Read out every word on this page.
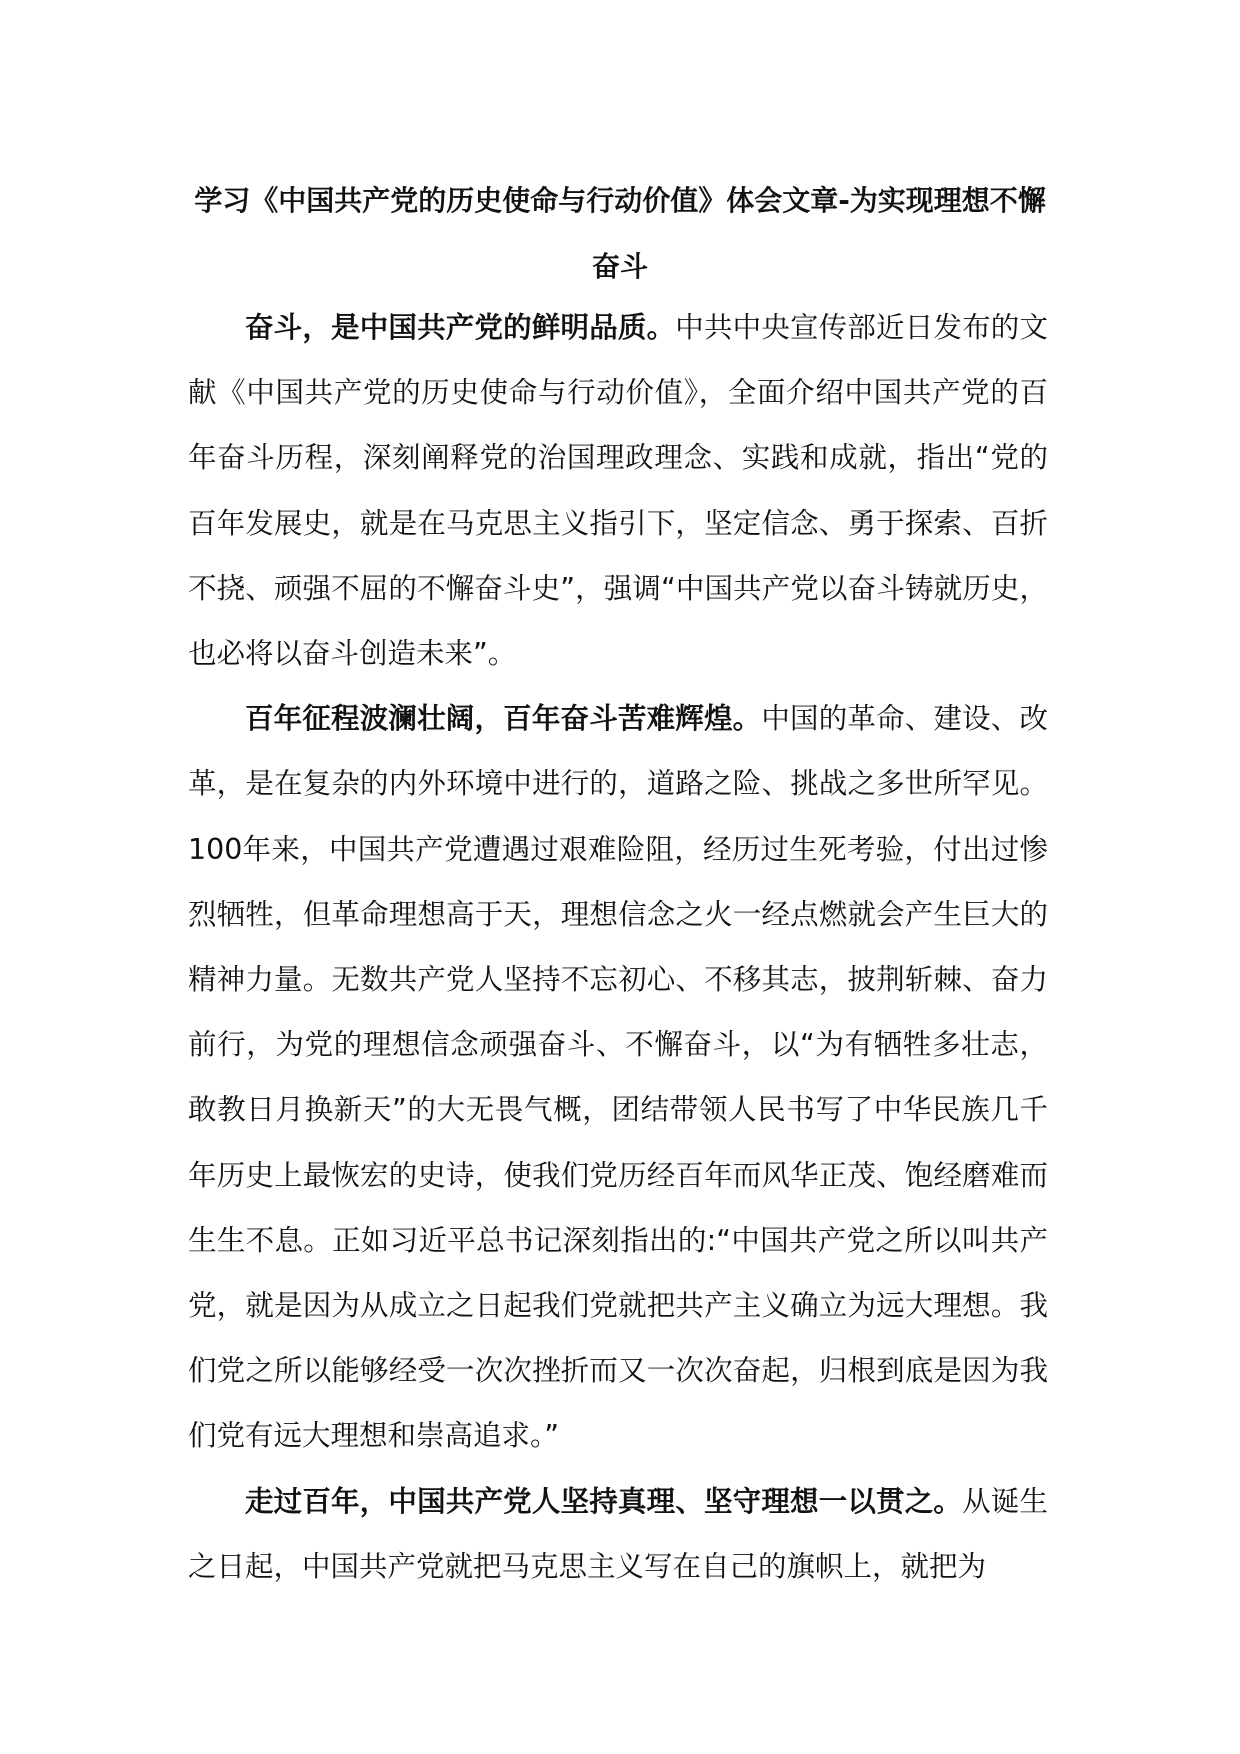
学习《中国共产党的历史使命与行动价值》体会文章-为实现理想不懈奋斗

奋斗，是中国共产党的鲜明品质。中共中央宣传部近日发布的文献《中国共产党的历史使命与行动价值》，全面介绍中国共产党的百年奋斗历程，深刻阐释党的治国理政理念、实践和成就，指出“党的百年发展史，就是在马克思主义指引下，坚定信念、勇于探索、百折不挠、顽强不屈的不懈奋斗史”，强调“中国共产党以奋斗铸就历史，也必将以奋斗创造未来”。

百年征程波澜壮阔，百年奋斗苦难辉煌。中国的革命、建设、改革，是在复杂的内外环境中进行的，道路之险、挑战之多世所罕见。100年来，中国共产党遭遇过艰难险阻，经历过生死考验，付出过惨烈牺牲，但革命理想高于天，理想信念之火一经点燃就会产生巨大的精神力量。无数共产党人坚持不忘初心、不移其志，披荆斩棘、奋力前行，为党的理想信念顽强奋斗、不懈奋斗，以“为有牺牲多壮志，敢教日月换新天”的大无畏气概，团结带领人民书写了中华民族几千年历史上最恢宏的史诗，使我们党历经百年而风华正茂、饱经磨难而生生不息。正如习近平总书记深刻指出的:“中国共产党之所以叫共产党，就是因为从成立之日起我们党就把共产主义确立为远大理想。我们党之所以能够经受一次次挫折而又一次次奋起，归根到底是因为我们党有远大理想和崇高追求。”

走过百年，中国共产党人坚持真理、坚守理想一以贯之。从诞生之日起，中国共产党就把马克思主义写在自己的旗帜上，就把为
